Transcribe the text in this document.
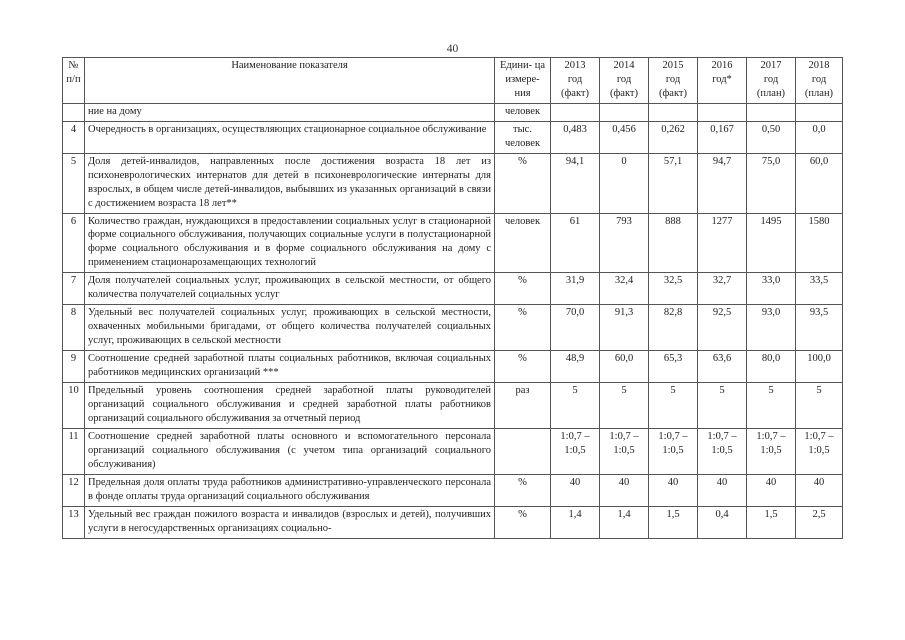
40
№ п/п	Наименование показателя	Едини- ца измере- ния	2013
год
(факт)	2014
год
(факт)	2015
год
(факт)	2016
год*	2017
год
(план)	2018
год
(план)
	ние на дому	человек						
4	Очередность в организациях, осуществляющих стационарное социальное обслуживание	тыс. человек	0,483	0,456	0,262	0,167	0,50	0,0
5	Доля детей-инвалидов, направленных после достижения возраста 18 лет из психоневрологических интернатов для детей в психоневрологические интернаты для взрослых, в общем числе детей-инвалидов, выбывших из указанных организаций в связи с достижением возраста 18 лет**	%	94,1	0	57,1	94,7	75,0	60,0
6	Количество граждан, нуждающихся в предоставлении социальных услуг в стационарной форме социального обслуживания, получающих социальные услуги в полустационарной форме социального обслуживания и в форме социального обслуживания на дому с применением стационарозамещающих технологий	человек	61	793	888	1277	1495	1580
7	Доля получателей социальных услуг, проживающих в сельской местности, от общего количества получателей социальных услуг	%	31,9	32,4	32,5	32,7	33,0	33,5
8	Удельный вес получателей социальных услуг, проживающих в сельской местности, охваченных мобильными бригадами, от общего количества получателей социальных услуг, проживающих в сельской местности	%	70,0	91,3	82,8	92,5	93,0	93,5
9	Соотношение средней заработной платы социальных работников, включая социальных работников медицинских организаций ***	%	48,9	60,0	65,3	63,6	80,0	100,0
10	Предельный уровень соотношения средней заработной платы руководителей организаций социального обслуживания и средней заработной платы работников организаций социального обслуживания за отчетный период	раз	5	5	5	5	5	5
11	Соотношение средней заработной платы основного и вспомогательного персонала организаций социального обслуживания (с учетом типа организаций социального обслуживания)		1:0,7 – 1:0,5	1:0,7 – 1:0,5	1:0,7 – 1:0,5	1:0,7 – 1:0,5	1:0,7 – 1:0,5	1:0,7 – 1:0,5
12	Предельная доля оплаты труда работников административно-управленческого персонала в фонде оплаты труда организаций социального обслуживания	%	40	40	40	40	40	40
13	Удельный вес граждан пожилого возраста и инвалидов (взрослых и детей), получивших услуги в негосударственных организациях социально-	%	1,4	1,4	1,5	0,4	1,5	2,5
